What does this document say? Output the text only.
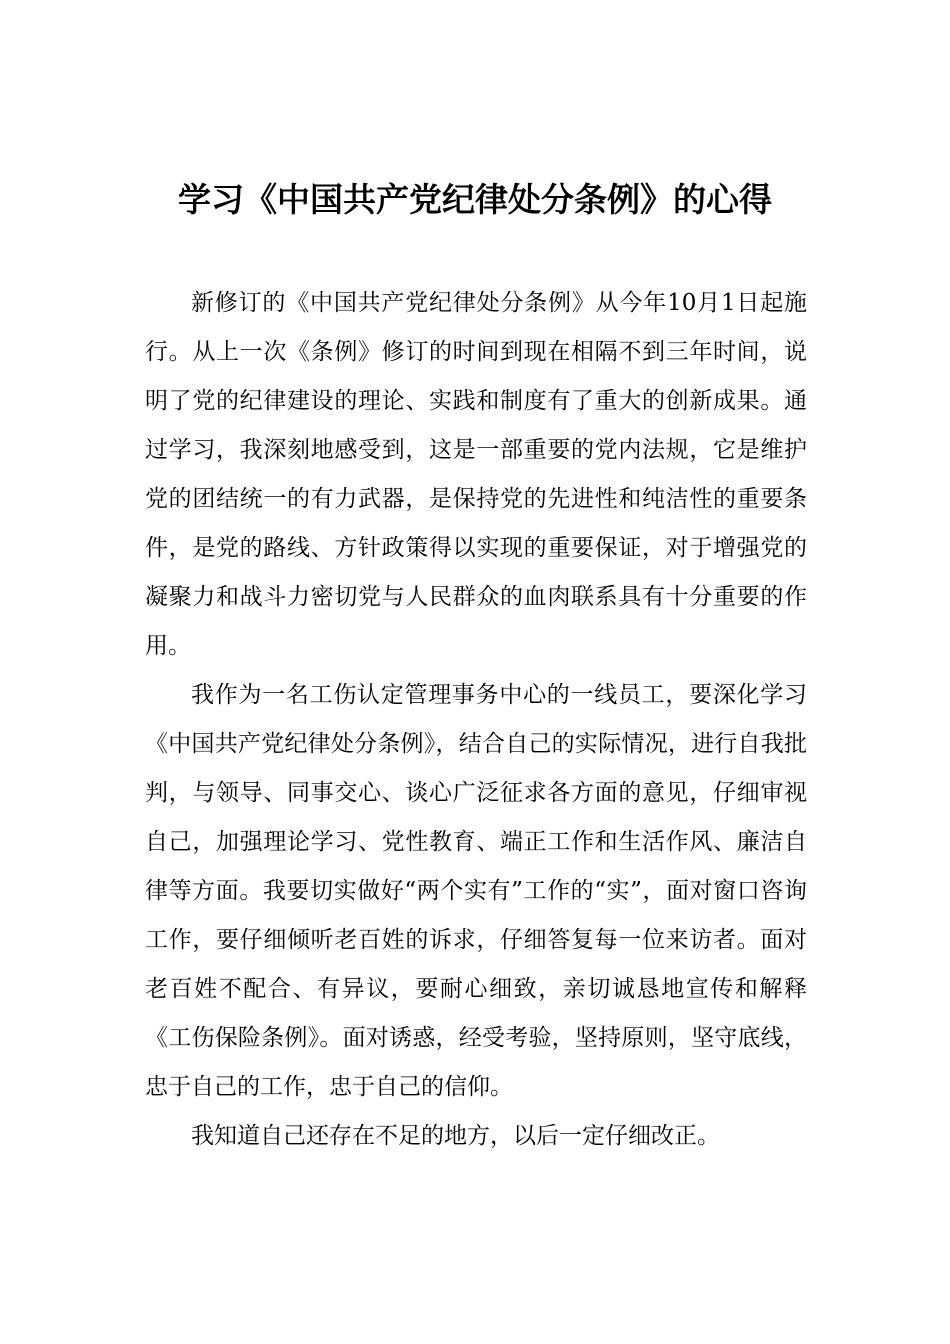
学习《中国共产党纪律处分条例》的心得

新修订的《中国共产党纪律处分条例》从今年10月1日起施行。从上一次《条例》修订的时间到现在相隔不到三年时间，说明了党的纪律建设的理论、实践和制度有了重大的创新成果。通过学习，我深刻地感受到，这是一部重要的党内法规，它是维护党的团结统一的有力武器，是保持党的先进性和纯洁性的重要条件，是党的路线、方针政策得以实现的重要保证，对于增强党的凝聚力和战斗力密切党与人民群众的血肉联系具有十分重要的作用。

我作为一名工伤认定管理事务中心的一线员工，要深化学习《中国共产党纪律处分条例》，结合自己的实际情况，进行自我批判，与领导、同事交心、谈心广泛征求各方面的意见，仔细审视自己，加强理论学习、党性教育、端正工作和生活作风、廉洁自律等方面。我要切实做好“两个实有”工作的“实”，面对窗口咨询工作，要仔细倾听老百姓的诉求，仔细答复每一位来访者。面对老百姓不配合、有异议，要耐心细致，亲切诚恳地宣传和解释《工伤保险条例》。面对诱惑，经受考验，坚持原则，坚守底线，忠于自己的工作，忠于自己的信仰。

我知道自己还存在不足的地方，以后一定仔细改正。
